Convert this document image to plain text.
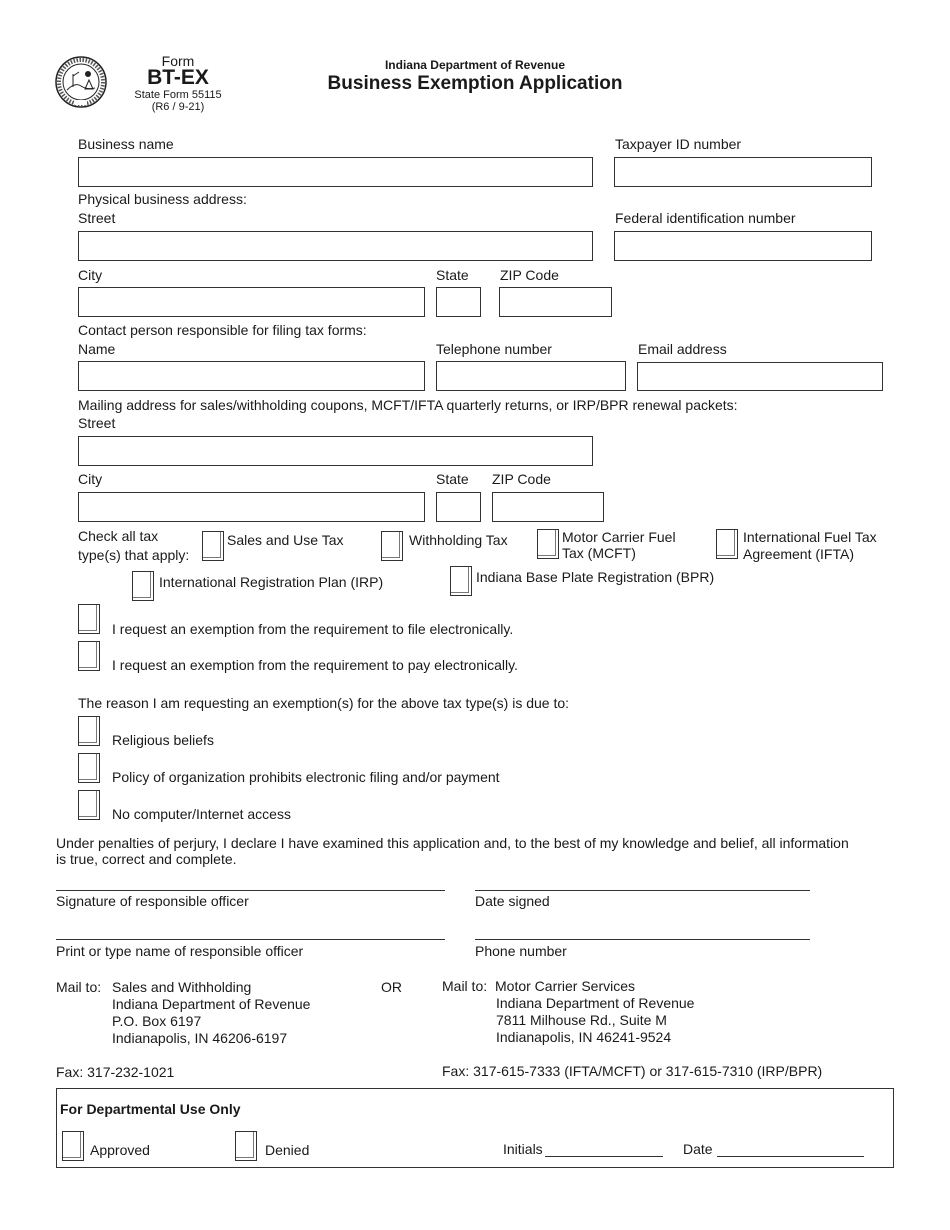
Form
BT-EX
State Form 55115
(R6 / 9-21)
Indiana Department of Revenue
Business Exemption Application
Business name	Taxpayer ID number
Physical business address:
Street	Federal identification number
City	State ZIP Code
Contact person responsible for filing tax forms:
Name	Telephone number	Email address
Mailing address for sales/withholding coupons, MCFT/IFTA quarterly returns, or IRP/BPR renewal packets:
Street
City	State ZIP Code
Check all tax
type(s) that apply:
Sales and Use Tax	Withholding Tax	Motor Carrier Fuel
Tax (MCFT)
International Fuel Tax
Agreement (IFTA)
International Registration Plan (IRP)	Indiana Base Plate Registration (BPR)
I request an exemption from the requirement to file electronically.
I request an exemption from the requirement to pay electronically.
The reason I am requesting an exemption(s) for the above tax type(s) is due to:
Religious beliefs
Policy of organization prohibits electronic filing and/or payment
No computer/Internet access
Under penalties of perjury, I declare I have examined this application and, to the best of my knowledge and belief, all information
is true, correct and complete.
Signature of responsible officer	Date signed
Print or type name of responsible officer	Phone number
Mail to: Sales and Withholding
Indiana Department of Revenue
P.O. Box 6197
Indianapolis, IN 46206-6197
OR	Mail to: Motor Carrier Services
Indiana Department of Revenue
7811 Milhouse Rd., Suite M
Indianapolis, IN 46241-9524
Fax: 317-232-1021	Fax: 317-615-7333 (IFTA/MCFT) or 317-615-7310 (IRP/BPR)
For Departmental Use Only
Approved	Denied	Initials	Date
